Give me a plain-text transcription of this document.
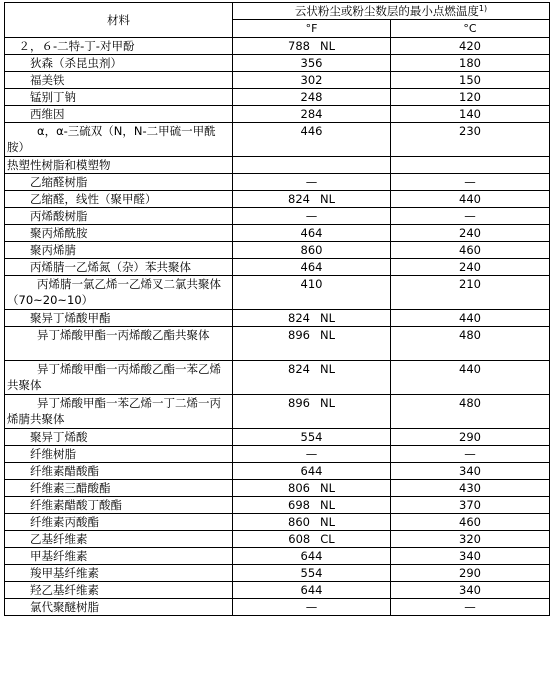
材料	云状粉尘或粉尘数层的最小点燃温度$^{1)}$
	°F	°C
　２，６-二特-丁-对甲酚	788 NL	420
　　狄森（杀昆虫剂）	356	180
　　福美铁	302	150
　　锰别丁钠	248	120
　　西维因	284	140
α，α-三硫双（N，N-二甲硫一甲酰胺）	446	230
热塑性树脂和模塑物		
　　乙缩醛树脂	—	—
　　乙缩醛，线性（聚甲醛）	824 NL	440
　　丙烯酸树脂	—	—
　　聚丙烯酰胺	464	240
　　聚丙烯腈	860	460
　　丙烯腈一乙烯氮（杂）苯共聚体	464	240
丙烯腈一氯乙烯一乙烯叉二氯共聚体（70~20~10）	410	210
　　聚异丁烯酸甲酯	824 NL	440
异丁烯酸甲酯一丙烯酸乙酯共聚体	896 NL	480
异丁烯酸甲酯一丙烯酸乙酯一苯乙烯共聚体	824 NL	440
异丁烯酸甲酯一苯乙烯一丁二烯一丙烯腈共聚体	896 NL	480
　　聚异丁烯酸	554	290
　　纤维树脂	—	—
　　纤维素醋酸酯	644	340
　　纤维素三醋酸酯	806 NL	430
　　纤维素醋酸丁酸酯	698 NL	370
　　纤维素丙酸酯	860 NL	460
　　乙基纤维素	608 CL	320
　　甲基纤维素	644	340
　　羧甲基纤维素	554	290
　　羟乙基纤维素	644	340
　　氯代聚醚树脂	—	—
